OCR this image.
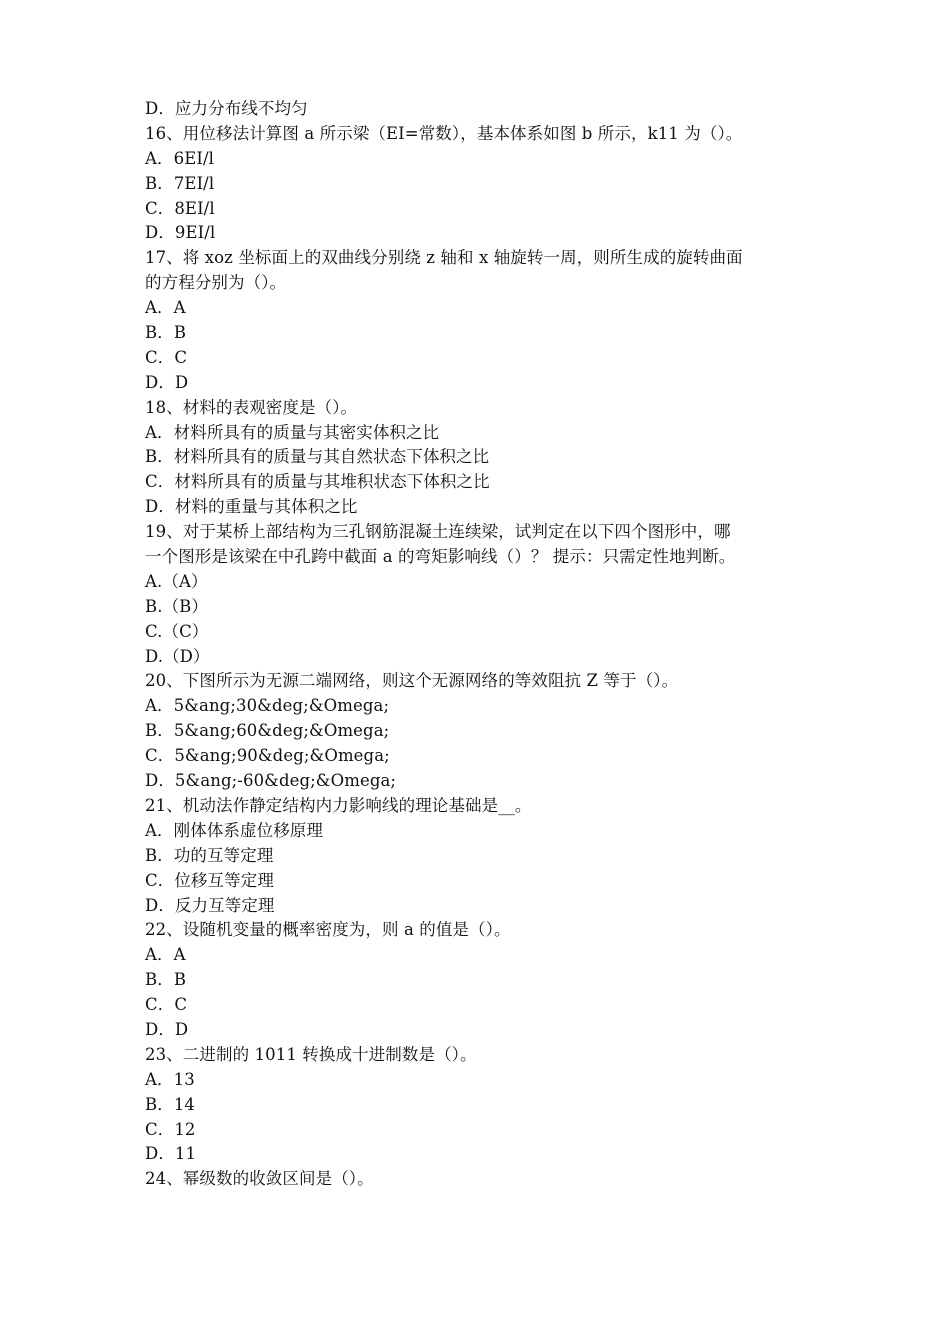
D．应力分布线不均匀
16、用位移法计算图 a 所示梁（EI=常数），基本体系如图 b 所示，k11 为（）。
A．6EI/l
B．7EI/l
C．8EI/l
D．9EI/l
17、将 xoz 坐标面上的双曲线分别绕 z 轴和 x 轴旋转一周，则所生成的旋转曲面
的方程分别为（）。
A．A
B．B
C．C
D．D
18、材料的表观密度是（）。
A．材料所具有的质量与其密实体积之比
B．材料所具有的质量与其自然状态下体积之比
C．材料所具有的质量与其堆积状态下体积之比
D．材料的重量与其体积之比
19、对于某桥上部结构为三孔钢筋混凝土连续梁，试判定在以下四个图形中，哪
一个图形是该梁在中孔跨中截面 a 的弯矩影响线（）？ 提示：只需定性地判断。
A.（A）
B.（B）
C.（C）
D.（D）
20、下图所示为无源二端网络，则这个无源网络的等效阻抗 Z 等于（）。
A．5&ang;30&deg;&Omega;
B．5&ang;60&deg;&Omega;
C．5&ang;90&deg;&Omega;
D．5&ang;-60&deg;&Omega;
21、机动法作静定结构内力影响线的理论基础是__。
A．刚体体系虚位移原理
B．功的互等定理
C．位移互等定理
D．反力互等定理
22、设随机变量的概率密度为，则 a 的值是（）。
A．A
B．B
C．C
D．D
23、二进制的 1011 转换成十进制数是（）。
A．13
B．14
C．12
D．11
24、幂级数的收敛区间是（）。
